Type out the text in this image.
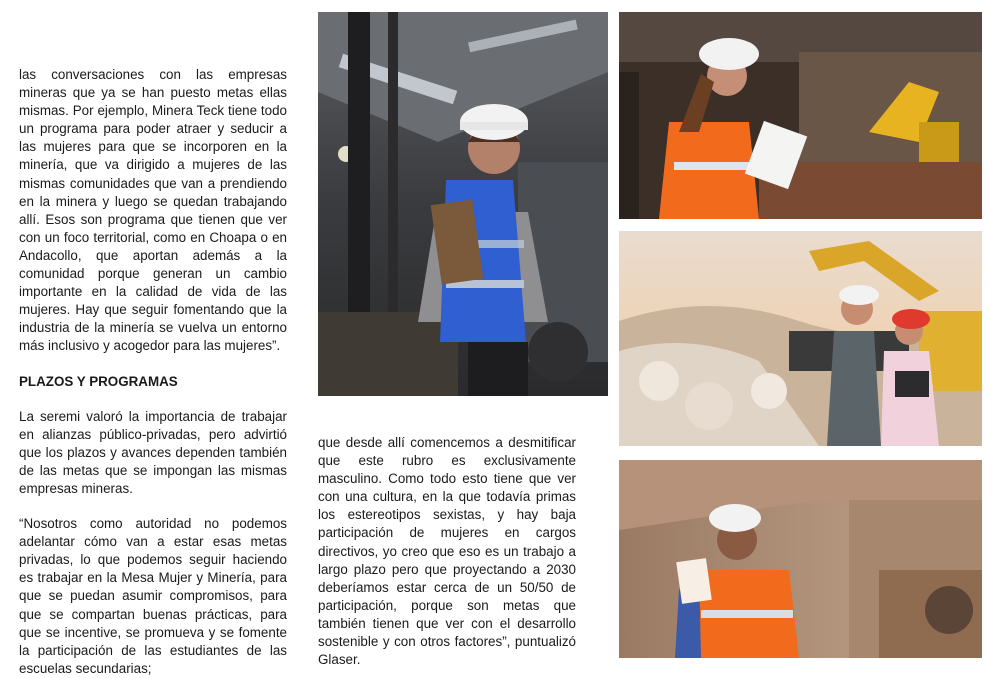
las conversaciones con las empresas mineras que ya se han puesto metas ellas mismas. Por ejemplo, Minera Teck tiene todo un programa para poder atraer y seducir a las mujeres para que se incorporen en la minería, que va dirigido a mujeres de las mismas comunidades que van a prendiendo en la minera y luego se quedan trabajando allí. Esos son programa que tienen que ver con un foco territorial, como en Choapa o en Andacollo, que aportan además a la comunidad porque generan un cambio importante en la calidad de vida de las mujeres. Hay que seguir fomentando que la industria de la minería se vuelva un entorno más inclusivo y acogedor para las mujeres”.

PLAZOS Y PROGRAMAS

La seremi valoró la importancia de trabajar en alianzas público-privadas, pero advirtió que los plazos y avances dependen también de las metas que se impongan las mismas empresas mineras.

“Nosotros como autoridad no podemos adelantar cómo van a estar esas metas privadas, lo que podemos seguir haciendo es trabajar en la Mesa Mujer y Minería, para que se puedan asumir compromisos, para que se compartan buenas prácticas, para que se incentive, se promueva y se fomente la participación de las estudiantes de las escuelas secundarias;

que desde allí comencemos a desmitificar que este rubro es exclusivamente masculino. Como todo esto tiene que ver con una cultura, en la que todavía primas los estereotipos sexistas, y hay baja participación de mujeres en cargos directivos, yo creo que eso es un trabajo a largo plazo pero que proyectando a 2030 deberíamos estar cerca de un 50/50 de participación, porque son metas que también tienen que ver con el desarrollo sostenible y con otros factores”, puntualizó Glaser.
